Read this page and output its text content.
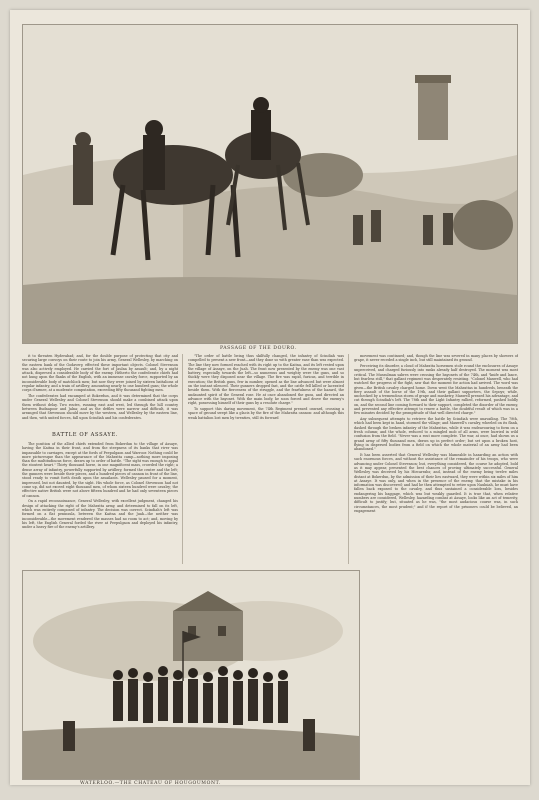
PASSAGE OF THE DOURO.

it to threaten Hyderabad; and, for the double purpose of protecting that city and securing large convoys on their route to join his army, General Wellesley, by marching on the eastern bank of the Godavery, effected these important objects. Colonel Stevenson was also actively employed. He carried the fort of Jaulna by assault; and, by a night attack, dispersed a considerable body of the enemy. Hitherto the confederate chiefs had not hung upon the flanks of the English, with an immense cavalry force, supported by an inconsiderable body of matchlock men; but now they were joined by sixteen battalions of regular infantry, and a train of artillery, amounting nearly to one hundred guns; the whole corps d'armee, at a moderate computation, exceeding fifty thousand fighting men.

The confederates had encamped at Bokerdun, and it was determined that the corps under General Wellesley and Colonel Stevenson should make a combined attack upon them without delay. Two routes, running east and west, led through the hill country between Budnapoor and Jalna; and as the defiles were narrow and difficult, it was arranged that Stevenson should move by the western, and Wellesley by the eastern line, and then, with united forces, fall upon Scindiah and his confederates.

BATTLE OF ASSAYE.

The position of the allied chiefs extended from Bokerdun to the village of Assaye, having the Kaitna in their front, and from the steepness of its banks that river was impassable to carriages, except at the fords of Peepulgaon and Warroor. Nothing could be more picturesque than the appearance of the Mahratta camp—nothing more imposing than the multitudinous force, drawn up to order of battle. "The sight was enough to appal the stoutest heart." Thirty thousand horse, in one magnificent mass, crowded the right; a dense array of infantry, powerfully supported by artillery, formed the centre and the left; the gunners were beside their pieces, and a hundred pieces of cannon in front of the line, stood ready to vomit forth death upon the assailants. Wellesley paused for a moment, impressed, but not daunted, by the sight. His whole force, as Colonel Stevenson had not come up, did not exceed eight thousand men, of whom sixteen hundred were cavalry; the effective native British were not above fifteen hundred and he had only seventeen pieces of cannon.

On a rapid reconnoissance, General Wellesley, with excellent judgment, changed his design of attacking the right of the Mahratta army, and determined to fall on its left, which was entirely composed of infantry. The decision was correct. Scindiah's left was formed on a flat peninsula, between the Kaitna and the Juah—the neither was inconsiderable—the movement rendered the masses had no room to act; and, moving by his left, the English General forded the river at Peepulgaon and deployed his infantry, under a heavy fire of the enemy's artillery.

"The order of battle being thus skilfully changed, the infantry of Scindiah was compelled to present a new front—and they done so with greater ease than was expected. The line they now formed reached with its right up to the Kaitna, and its left rested upon the village of Assaye, on the Juah. The front now presented by the enemy was one vast battery, especially towards the left—so numerous and weighty were the guns, and so thickly were they disposed near the village. The fire was rapid, furious, and terrible in execution; the British guns, few in number, opened as the line advanced but were almost on the instant silenced. Their gunners dropped fast, and the cattle fell killed or lacerated beside them. With the fierceness of the struggle, and the fearfulness of the hazard, the undaunted spirit of the General rose. He at once abandoned the guns, and directed an advance with the bayonet. With the main body, he soon forced and drove the enemy's right, possessing himself of their guns by a resolute charge."

To support this daring movement, the 74th Regiment pressed onward, crossing a space of ground swept like a glacis by the fire of the Mahratta cannon: and although this weak battalion lost men by twenties, still its forward

movement was continued; and, though the line was severed in many places by showers of grape, it never receded a single inch, but still maintained its ground.

Perceiving its disorder, a cloud of Mahratta horsemen stole round the enclosures of Assaye unperceived, and charged furiously into ranks already half destroyed. The moment was most critical. The Mussulman sabres were crossing the bayonets of the 74th, and "knife and lance, but fearless still," that gallant regiment was desperately resisting. "Colonel Maxwell, who had watched the progress of the fight, saw that the moment for action had arrived. The word was given—the British cavalry charged home. Down went the Mahrattas in hundreds, beneath the fiery assault of the horse of the 19th, and their gallant supporters, the Sepoys; while, unchecked by a tremendous storm of grape and musketry, Maxwell pressed his advantage, and cut through Scindiah's left. The 78th and the Light Infantry rallied, reformed, pushed boldly on, and the second line coming forward to their support, completed the disorder of the enemy, and prevented any effective attempt to renew a battle, the doubtful result of which was in a few minutes decided by the promptitude of that well directed charge."

Any subsequent attempts to retrieve the battle by Scindiah were unavailing. The 78th, which had been kept in hand, stormed the village; and Maxwell's cavalry, wheeled on its flank, dashed through the broken infantry of the Mahrattas, while it was endeavouring to form on a fresh column; and the whole, reduced to a mingled mob of all arms, were hurried in wild confusion from the field. "Never was a rout more complete. The war, at once, had shown us a grand army of fifty thousand men, drawn up in perfect order; but set upon a broken host, flying in dispersed bodies from a field on which the whole material of an army had been abandoned."

It has been asserted that General Wellesley was blameable in hazarding an action with such enormous forces, and without the assistance of the remainder of his troops, who were advancing under Colonel Stevenson; but, everything considered, the course he adopted, bold as it may appear, presented the best chances of proving ultimately successful. General Wellesley was deceived by his Hircarrahs; and, instead of the enemy being twelve miles distant at Bokerdun, by the admission of their lies eastward, they were within six miles of him at Assaye. It was only, and when in the presence of the enemy, that the mistake in his information was discovered; and had he then attempted to retire upon Naulniah, he must have fallen back exposed to the cavalry, and thus sustained a considerable loss, besides endangering his baggage, which was but weakly guarded. It is true that, when relative numbers are considered, Wellesley, hazarding combat at Assaye, looks like an act of temerity, difficult to justify; but, situated as he was, "the most audacious course was, in such circumstances, the most prudent;" and if the report of the prisoners could be believed, an engagement

WATERLOO.—THE CHATEAU OF HOUGOUMONT.
